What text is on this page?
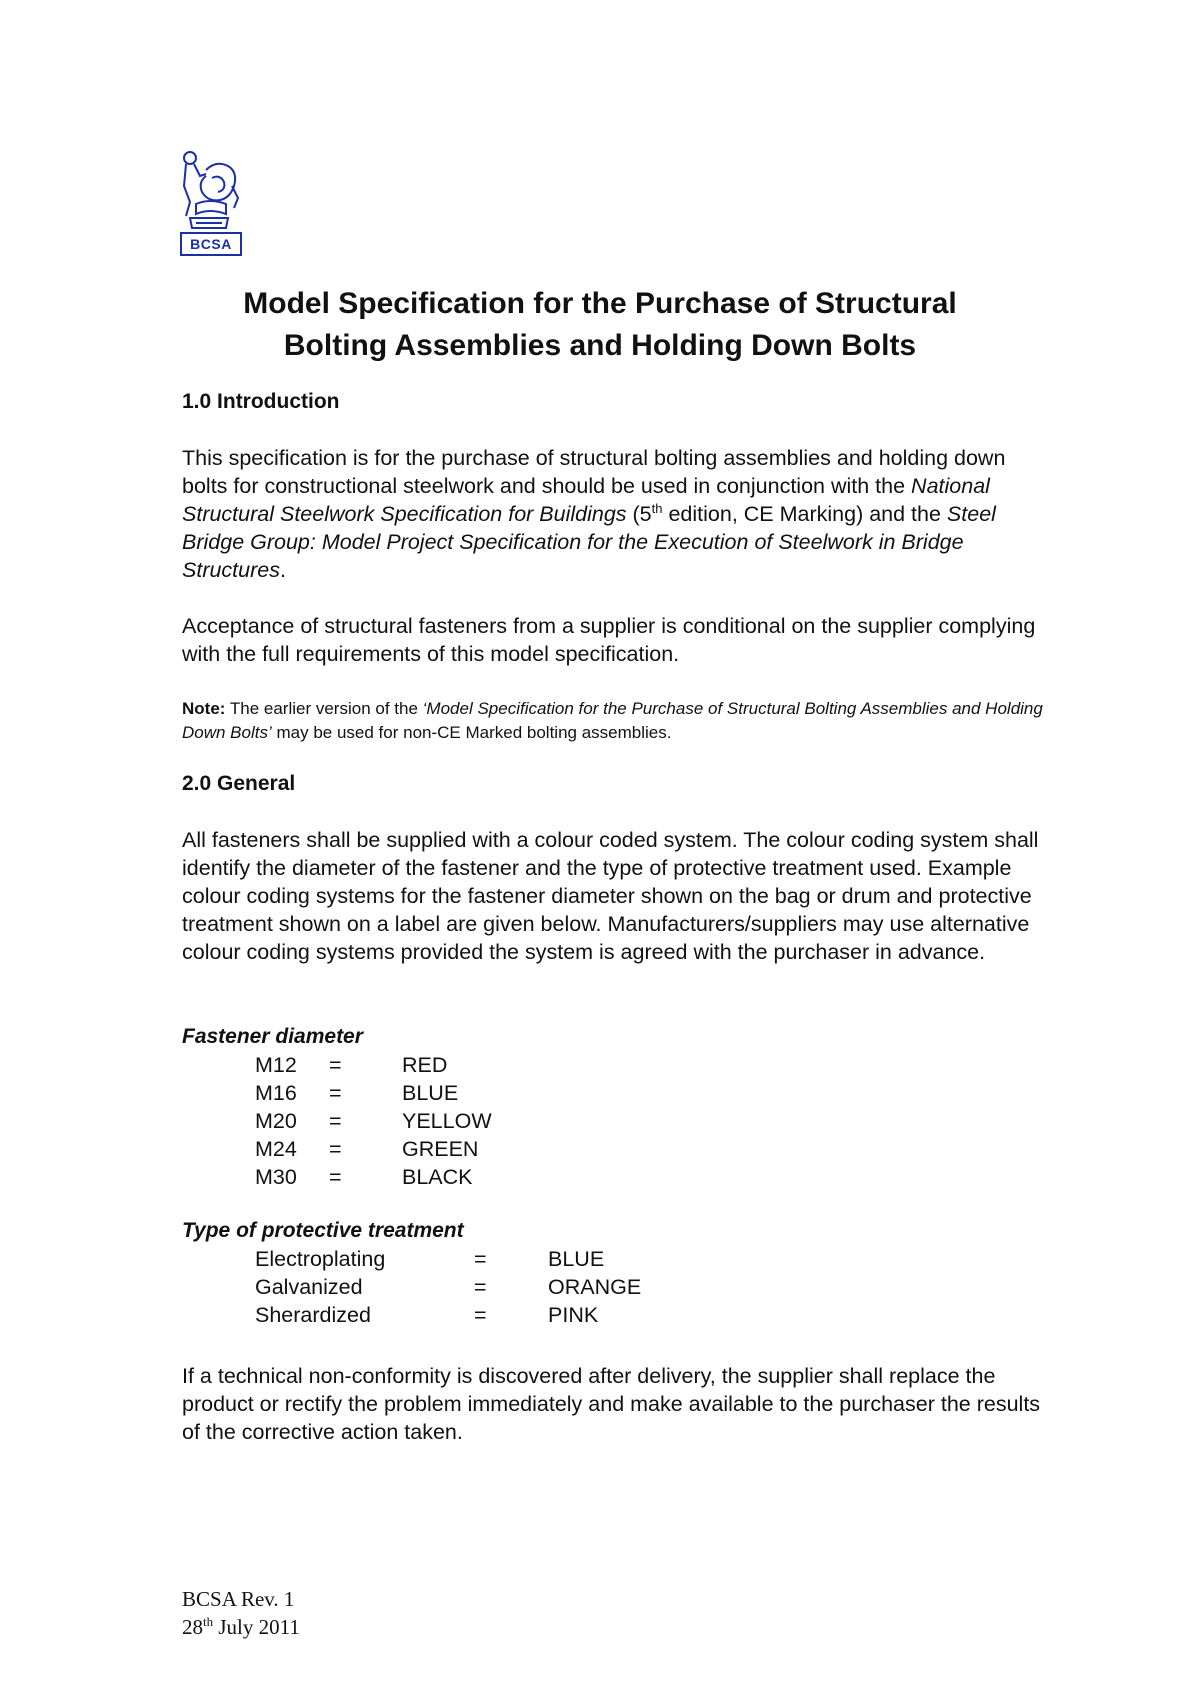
BCSA
Model Specification for the Purchase of Structural
Bolting Assemblies and Holding Down Bolts
1.0 Introduction

This specification is for the purchase of structural bolting assemblies and holding down bolts for constructional steelwork and should be used in conjunction with the National Structural Steelwork Specification for Buildings (5th edition, CE Marking) and the Steel Bridge Group: Model Project Specification for the Execution of Steelwork in Bridge Structures.

Acceptance of structural fasteners from a supplier is conditional on the supplier complying with the full requirements of this model specification.

Note: The earlier version of the ‘Model Specification for the Purchase of Structural Bolting Assemblies and Holding Down Bolts’ may be used for non-CE Marked bolting assemblies.

2.0 General

All fasteners shall be supplied with a colour coded system. The colour coding system shall identify the diameter of the fastener and the type of protective treatment used. Example colour coding systems for the fastener diameter shown on the bag or drum and protective treatment shown on a label are given below. Manufacturers/suppliers may use alternative colour coding systems provided the system is agreed with the purchaser in advance.

Fastener diameter
M12 =	RED
M16 =	BLUE
M20 =	YELLOW
M24 =	GREEN
M30 =	BLACK
Type of protective treatment
Electroplating	=	BLUE
Galvanized	=	ORANGE
Sherardized	=	PINK

If a technical non-conformity is discovered after delivery, the supplier shall replace the product or rectify the problem immediately and make available to the purchaser the results of the corrective action taken.

BCSA Rev. 1
28th July 2011
